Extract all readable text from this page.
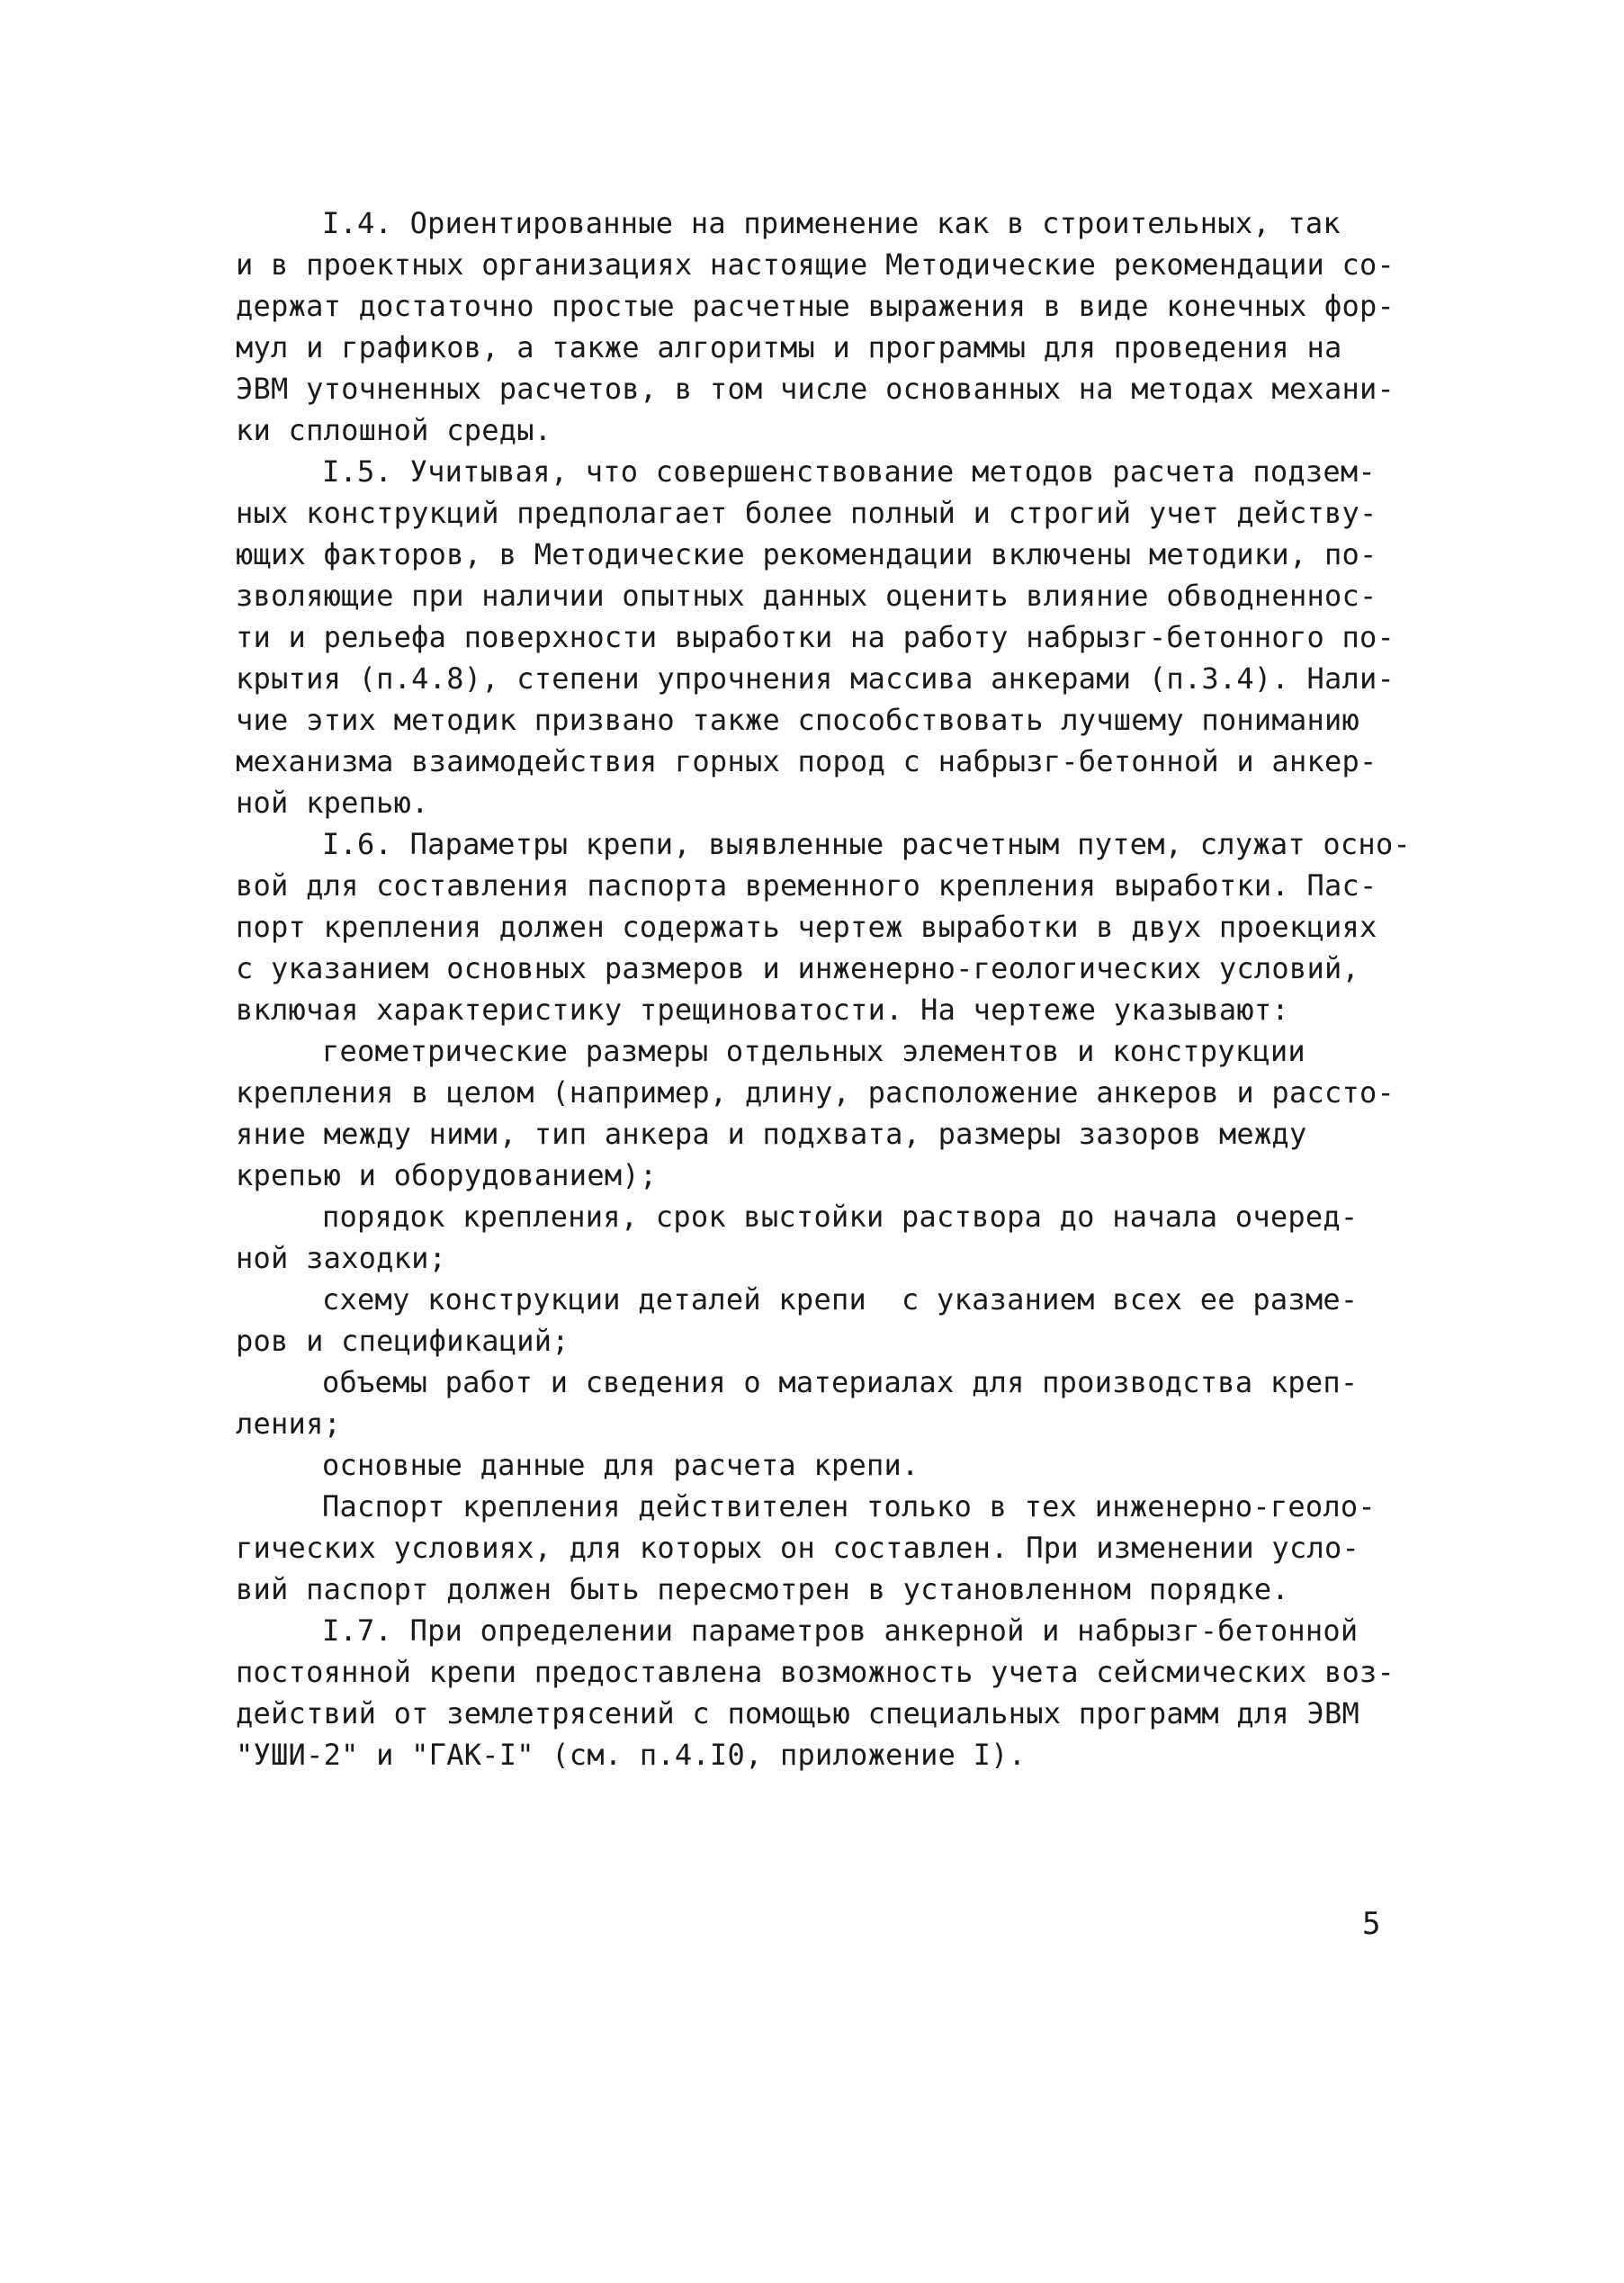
І.4. Ориентированные на применение как в строительных, так
и в проектных организациях настоящие Методические рекомендации со-
держат достаточно простые расчетные выражения в виде конечных фор-
мул и графиков, а также алгоритмы и программы для проведения на
ЭВМ уточненных расчетов, в том числе основанных на методах механи-
ки сплошной среды.
І.5. Учитывая, что совершенствование методов расчета подзем-
ных конструкций предполагает более полный и строгий учет действу-
ющих факторов, в Методические рекомендации включены методики, по-
зволяющие при наличии опытных данных оценить влияние обводненнос-
ти и рельефа поверхности выработки на работу набрызг-бетонного по-
крытия (п.4.8), степени упрочнения массива анкерами (п.3.4). Нали-
чие этих методик призвано также способствовать лучшему пониманию
механизма взаимодействия горных пород с набрызг-бетонной и анкер-
ной крепью.
І.6. Параметры крепи, выявленные расчетным путем, служат осно-
вой для составления паспорта временного крепления выработки. Пас-
порт крепления должен содержать чертеж выработки в двух проекциях
с указанием основных размеров и инженерно-геологических условий,
включая характеристику трещиноватости. На чертеже указывают:
геометрические размеры отдельных элементов и конструкции
крепления в целом (например, длину, расположение анкеров и рассто-
яние между ними, тип анкера и подхвата, размеры зазоров между
крепью и оборудованием);
порядок крепления, срок выстойки раствора до начала очеред-
ной заходки;
схему конструкции деталей крепи  с указанием всех ее разме-
ров и спецификаций;
объемы работ и сведения о материалах для производства креп-
ления;
основные данные для расчета крепи.
Паспорт крепления действителен только в тех инженерно-геоло-
гических условиях, для которых он составлен. При изменении усло-
вий паспорт должен быть пересмотрен в установленном порядке.
І.7. При определении параметров анкерной и набрызг-бетонной
постоянной крепи предоставлена возможность учета сейсмических воз-
действий от землетрясений с помощью специальных программ для ЭВМ
"УШИ-2" и "ГАК-І" (см. п.4.І0, приложение І).
5
